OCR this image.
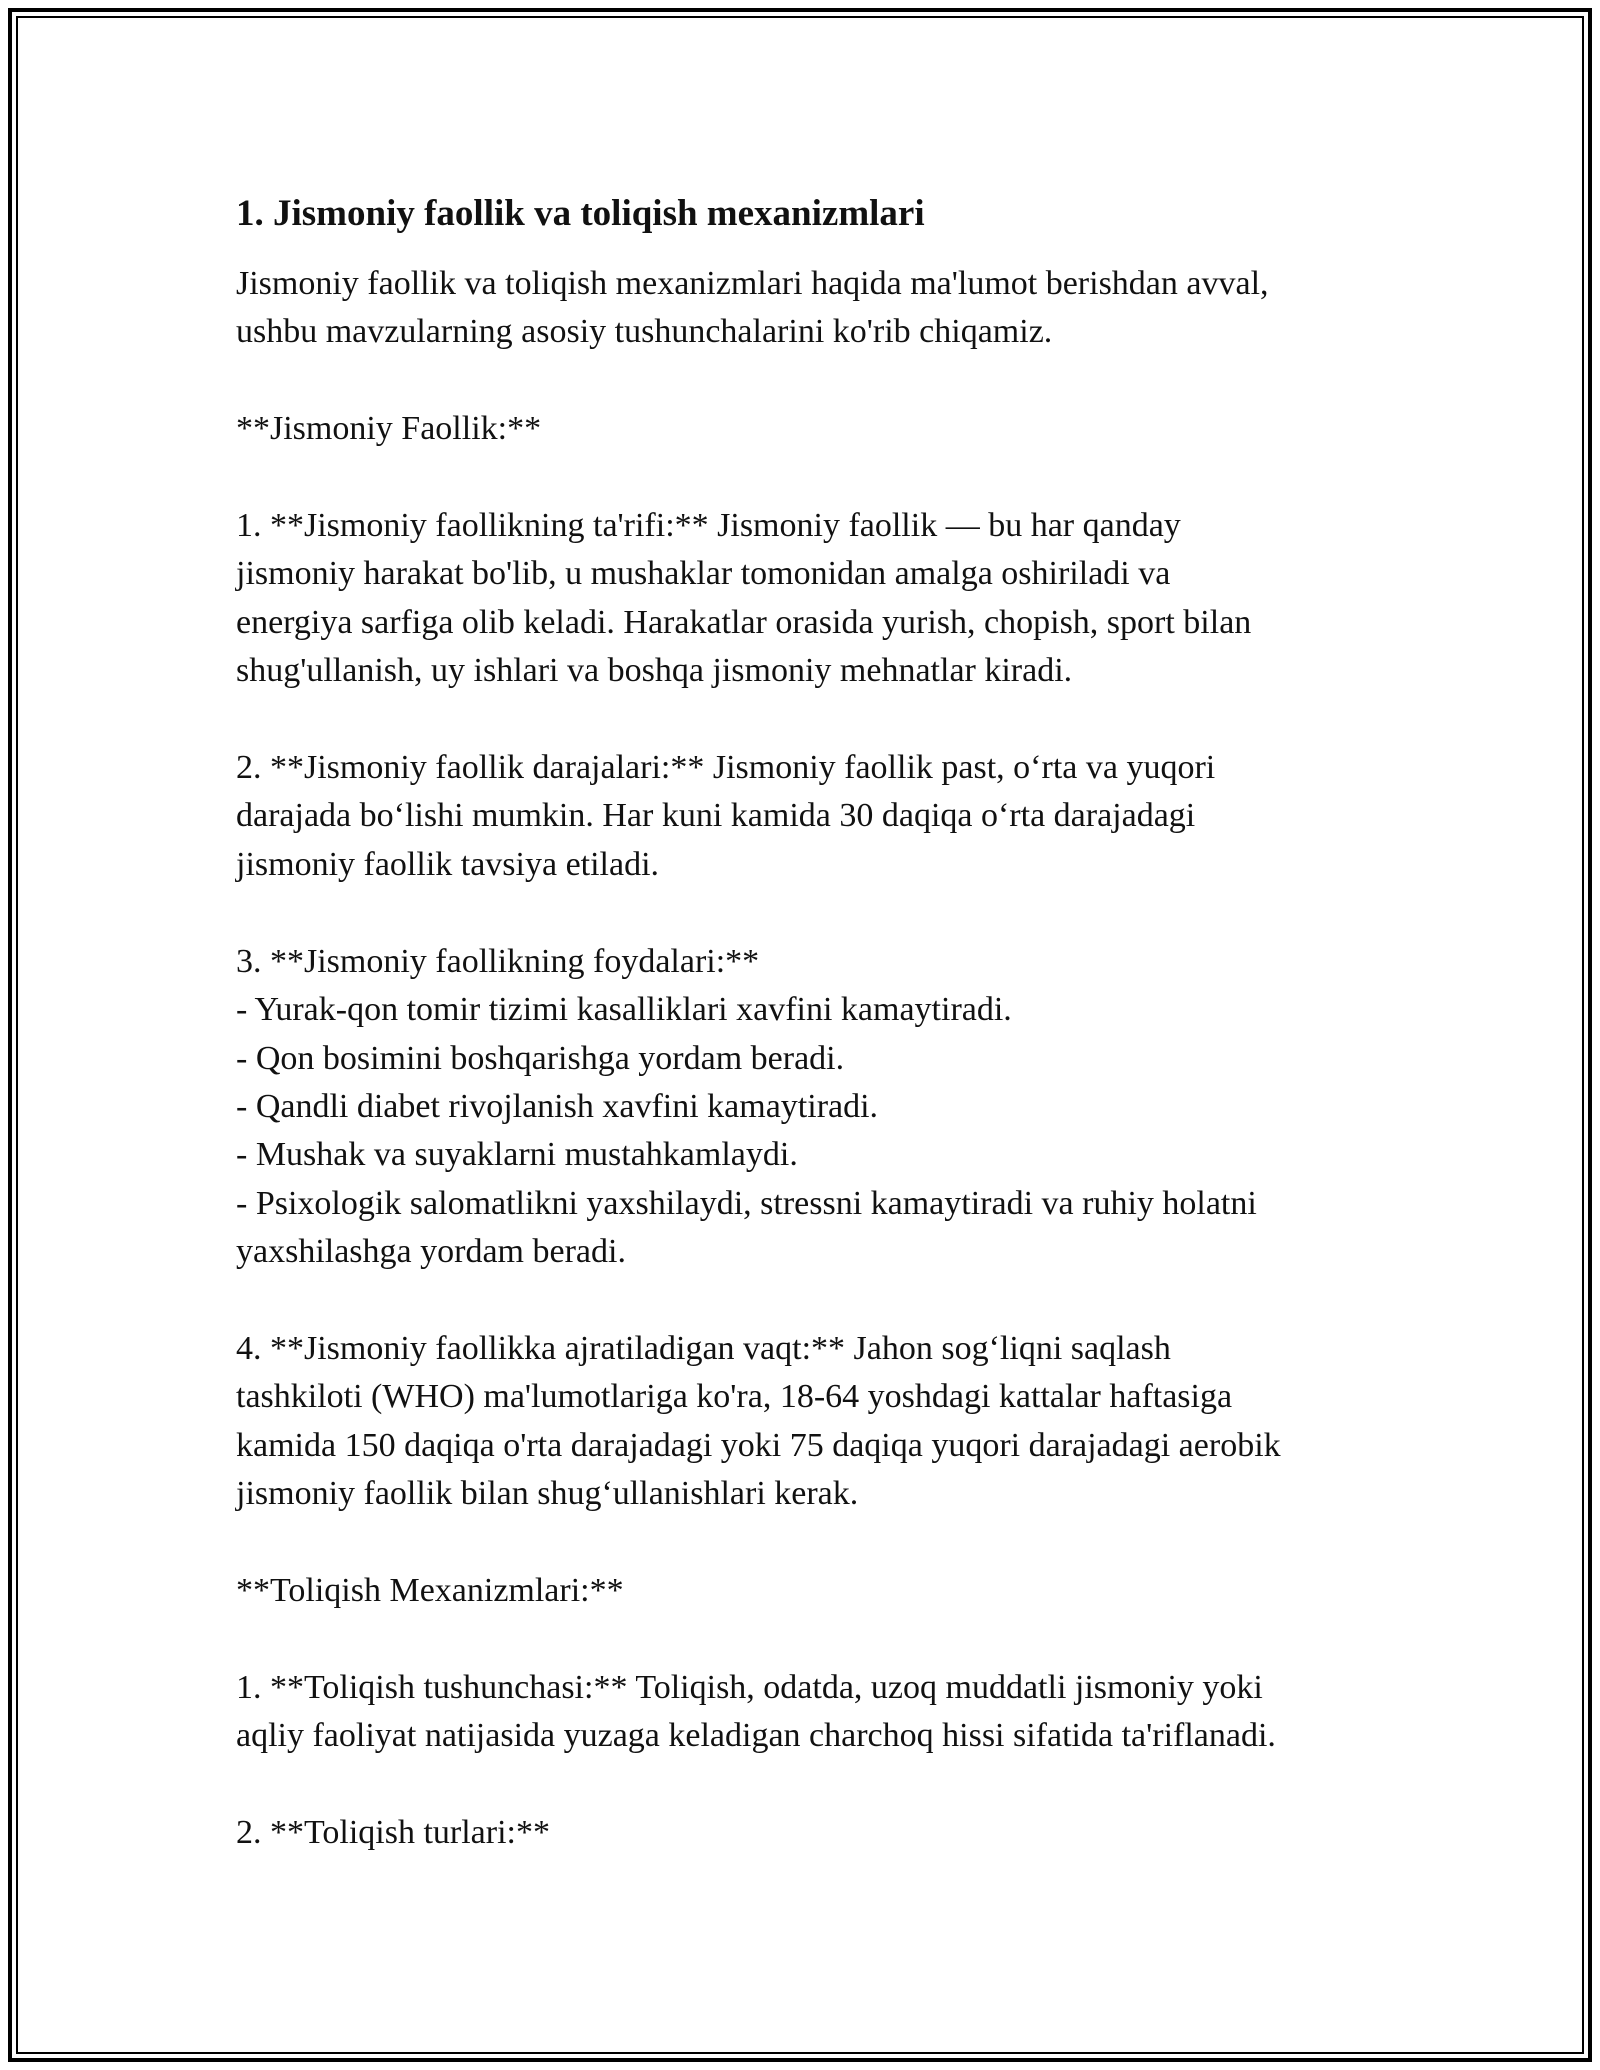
1. Jismoniy faollik va toliqish mexanizmlari

Jismoniy faollik va toliqish mexanizmlari haqida ma'lumot berishdan avval,
ushbu mavzularning asosiy tushunchalarini ko'rib chiqamiz.

**Jismoniy Faollik:**

1. **Jismoniy faollikning ta'rifi:** Jismoniy faollik — bu har qanday
jismoniy harakat bo'lib, u mushaklar tomonidan amalga oshiriladi va
energiya sarfiga olib keladi. Harakatlar orasida yurish, chopish, sport bilan
shug'ullanish, uy ishlari va boshqa jismoniy mehnatlar kiradi.

2. **Jismoniy faollik darajalari:** Jismoniy faollik past, o‘rta va yuqori
darajada bo‘lishi mumkin. Har kuni kamida 30 daqiqa o‘rta darajadagi
jismoniy faollik tavsiya etiladi.

3. **Jismoniy faollikning foydalari:**
- Yurak-qon tomir tizimi kasalliklari xavfini kamaytiradi.
- Qon bosimini boshqarishga yordam beradi.
- Qandli diabet rivojlanish xavfini kamaytiradi.
- Mushak va suyaklarni mustahkamlaydi.
- Psixologik salomatlikni yaxshilaydi, stressni kamaytiradi va ruhiy holatni
yaxshilashga yordam beradi.

4. **Jismoniy faollikka ajratiladigan vaqt:** Jahon sog‘liqni saqlash
tashkiloti (WHO) ma'lumotlariga ko'ra, 18-64 yoshdagi kattalar haftasiga
kamida 150 daqiqa o'rta darajadagi yoki 75 daqiqa yuqori darajadagi aerobik
jismoniy faollik bilan shug‘ullanishlari kerak.

**Toliqish Mexanizmlari:**

1. **Toliqish tushunchasi:** Toliqish, odatda, uzoq muddatli jismoniy yoki
aqliy faoliyat natijasida yuzaga keladigan charchoq hissi sifatida ta'riflanadi.

2. **Toliqish turlari:**
